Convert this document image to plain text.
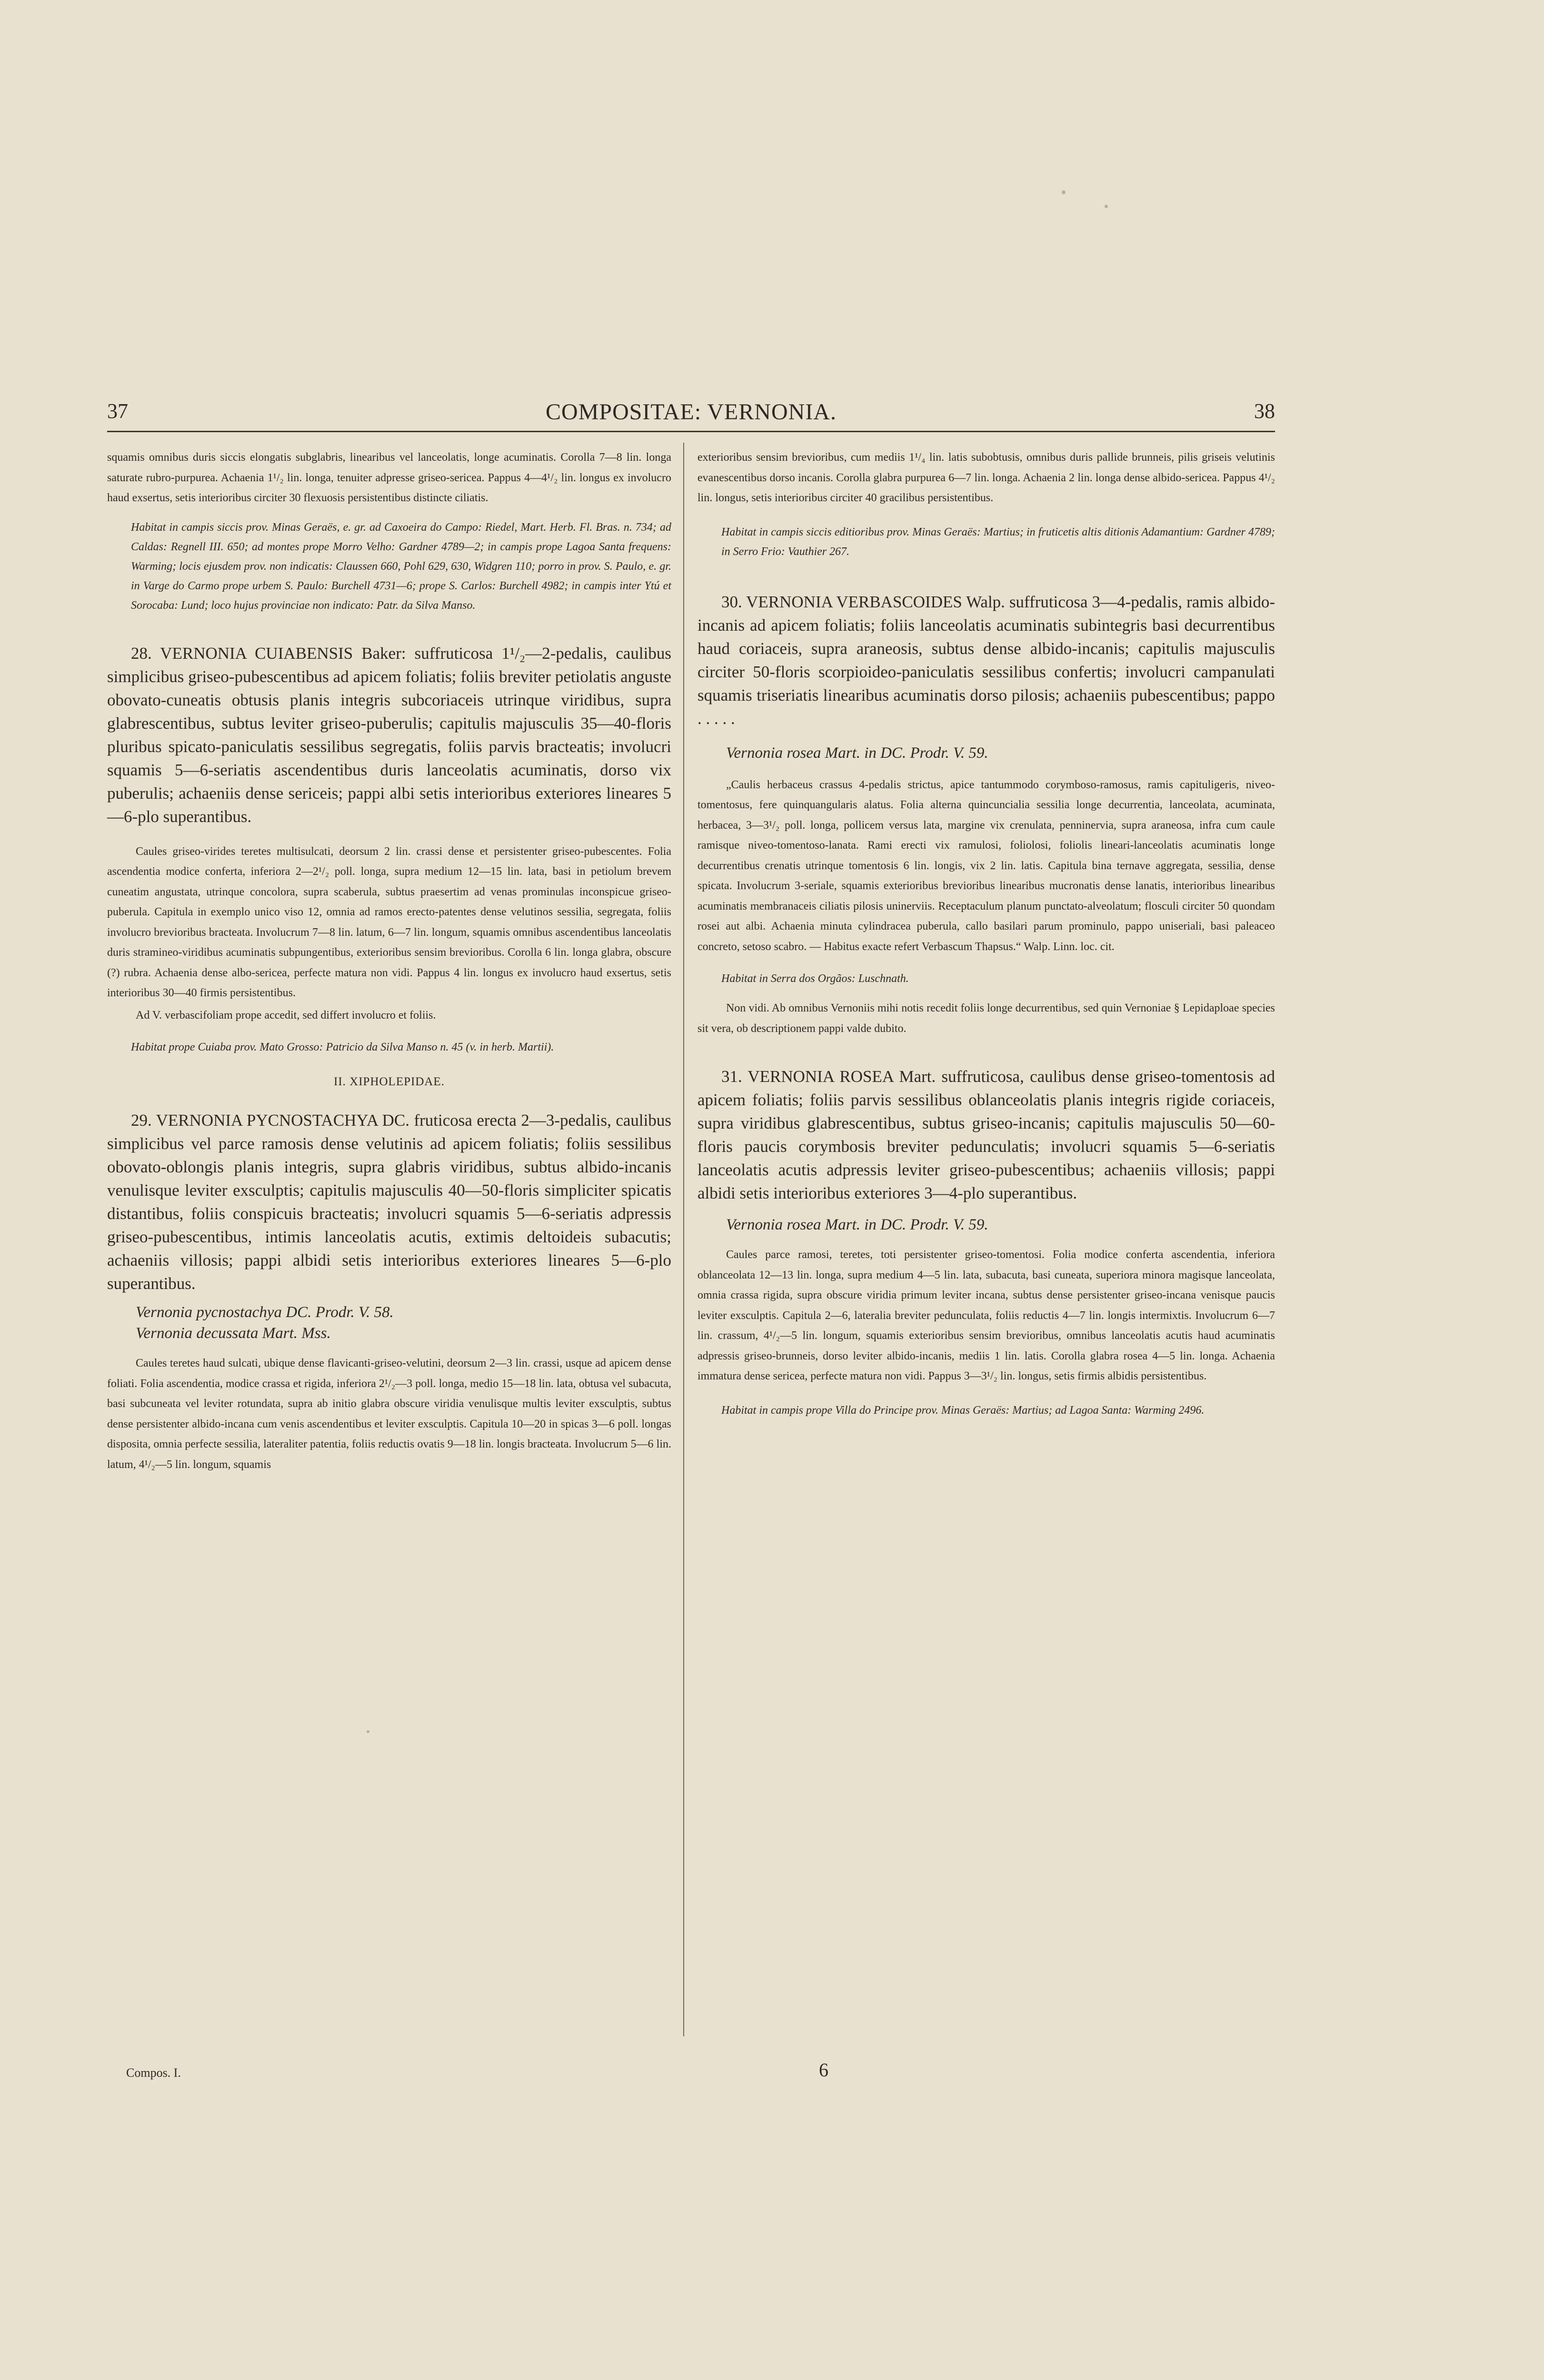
37	COMPOSITAE: VERNONIA.	38

squamis omnibus duris siccis elongatis subglabris, linearibus vel lanceolatis, longe acuminatis. Corolla 7—8 lin. longa saturate rubro-purpurea. Achaenia 1¹/₂ lin. longa, tenuiter adpresse griseo-sericea. Pappus 4—4¹/₂ lin. longus ex involucro haud exsertus, setis interioribus circiter 30 flexuosis persistentibus distincte ciliatis.

Habitat in campis siccis prov. Minas Geraës, e. gr. ad Caxoeira do Campo: Riedel, Mart. Herb. Fl. Bras. n. 734; ad Caldas: Regnell III. 650; ad montes prope Morro Velho: Gardner 4789—2; in campis prope Lagoa Santa frequens: Warming; locis ejusdem prov. non indicatis: Claussen 660, Pohl 629, 630, Widgren 110; porro in prov. S. Paulo, e. gr. in Varge do Carmo prope urbem S. Paulo: Burchell 4731—6; prope S. Carlos: Burchell 4982; in campis inter Ytú et Sorocaba: Lund; loco hujus provinciae non indicato: Patr. da Silva Manso.

28. VERNONIA CUIABENSIS Baker: suffruticosa 1¹/₂—2-pedalis, caulibus simplicibus griseo-pubescentibus ad apicem foliatis; foliis breviter petiolatis anguste obovato-cuneatis obtusis planis integris subcoriaceis utrinque viridibus, supra glabrescentibus, subtus leviter griseo-puberulis; capitulis majusculis 35—40-floris pluribus spicato-paniculatis sessilibus segregatis, foliis parvis bracteatis; involucri squamis 5—6-seriatis ascendentibus duris lanceolatis acuminatis, dorso vix puberulis; achaeniis dense sericeis; pappi albi setis interioribus exteriores lineares 5—6-plo superantibus.

Caules griseo-virides teretes multisulcati, deorsum 2 lin. crassi dense et persistenter griseo-pubescentes. Folia ascendentia modice conferta, inferiora 2—2¹/₂ poll. longa, supra medium 12—15 lin. lata, basi in petiolum brevem cuneatim angustata, utrinque concolora, supra scaberula, subtus praesertim ad venas prominulas inconspicue griseo-puberula. Capitula in exemplo unico viso 12, omnia ad ramos erecto-patentes dense velutinos sessilia, segregata, foliis involucro brevioribus bracteata. Involucrum 7—8 lin. latum, 6—7 lin. longum, squamis omnibus ascendentibus lanceolatis duris stramineo-viridibus acuminatis subpungentibus, exterioribus sensim brevioribus. Corolla 6 lin. longa glabra, obscure (?) rubra. Achaenia dense albo-sericea, perfecte matura non vidi. Pappus 4 lin. longus ex involucro haud exsertus, setis interioribus 30—40 firmis persistentibus.

Ad V. verbascifoliam prope accedit, sed differt involucro et foliis.

Habitat prope Cuiaba prov. Mato Grosso: Patricio da Silva Manso n. 45 (v. in herb. Martii).

II. XIPHOLEPIDAE.

29. VERNONIA PYCNOSTACHYA DC. fruticosa erecta 2—3-pedalis, caulibus simplicibus vel parce ramosis dense velutinis ad apicem foliatis; foliis sessilibus obovato-oblongis planis integris, supra glabris viridibus, subtus albido-incanis venulisque leviter exsculptis; capitulis majusculis 40—50-floris simpliciter spicatis distantibus, foliis conspicuis bracteatis; involucri squamis 5—6-seriatis adpressis griseo-pubescentibus, intimis lanceolatis acutis, extimis deltoideis subacutis; achaeniis villosis; pappi albidi setis interioribus exteriores lineares 5—6-plo superantibus.

Vernonia pycnostachya DC. Prodr. V. 58.

Vernonia decussata Mart. Mss.

Caules teretes haud sulcati, ubique dense flavicanti-griseo-velutini, deorsum 2—3 lin. crassi, usque ad apicem dense foliati. Folia ascendentia, modice crassa et rigida, inferiora 2¹/₂—3 poll. longa, medio 15—18 lin. lata, obtusa vel subacuta, basi subcuneata vel leviter rotundata, supra ab initio glabra obscure viridia venulisque multis leviter exsculptis, subtus dense persistenter albido-incana cum venis ascendentibus et leviter exsculptis. Capitula 10—20 in spicas 3—6 poll. longas disposita, omnia perfecte sessilia, lateraliter patentia, foliis reductis ovatis 9—18 lin. longis bracteata. Involucrum 5—6 lin. latum, 4¹/₂—5 lin. longum, squamis

exterioribus sensim brevioribus, cum mediis 1¹/₄ lin. latis subobtusis, omnibus duris pallide brunneis, pilis griseis velutinis evanescentibus dorso incanis. Corolla glabra purpurea 6—7 lin. longa. Achaenia 2 lin. longa dense albido-sericea. Pappus 4¹/₂ lin. longus, setis interioribus circiter 40 gracilibus persistentibus.

Habitat in campis siccis editioribus prov. Minas Geraës: Martius; in fruticetis altis ditionis Adamantium: Gardner 4789; in Serro Frio: Vauthier 267.

30. VERNONIA VERBASCOIDES Walp. suffruticosa 3—4-pedalis, ramis albido-incanis ad apicem foliatis; foliis lanceolatis acuminatis subintegris basi decurrentibus haud coriaceis, supra araneosis, subtus dense albido-incanis; capitulis majusculis circiter 50-floris scorpioideo-paniculatis sessilibus confertis; involucri campanulati squamis triseriatis linearibus acuminatis dorso pilosis; achaeniis pubescentibus; pappo . . . . .

Vernonia rosea Mart. in DC. Prodr. V. 59.

„Caulis herbaceus crassus 4-pedalis strictus, apice tantummodo corymboso-ramosus, ramis capituligeris, niveo-tomentosus, fere quinquangularis alatus. Folia alterna quincuncialia sessilia longe decurrentia, lanceolata, acuminata, herbacea, 3—3¹/₂ poll. longa, pollicem versus lata, margine vix crenulata, penninervia, supra araneosa, infra cum caule ramisque niveo-tomentoso-lanata. Rami erecti vix ramulosi, foliolosi, foliolis lineari-lanceolatis acuminatis longe decurrentibus crenatis utrinque tomentosis 6 lin. longis, vix 2 lin. latis. Capitula bina ternave aggregata, sessilia, dense spicata. Involucrum 3-seriale, squamis exterioribus brevioribus linearibus mucronatis dense lanatis, interioribus linearibus acuminatis membranaceis ciliatis pilosis uninerviis. Receptaculum planum punctato-alveolatum; flosculi circiter 50 quondam rosei aut albi. Achaenia minuta cylindracea puberula, callo basilari parum prominulo, pappo uniseriali, basi paleaceo concreto, setoso scabro. — Habitus exacte refert Verbascum Thapsus.“ Walp. Linn. loc. cit.

Habitat in Serra dos Orgãos: Luschnath.

Non vidi. Ab omnibus Vernoniis mihi notis recedit foliis longe decurrentibus, sed quin Vernoniae § Lepidaploae species sit vera, ob descriptionem pappi valde dubito.

31. VERNONIA ROSEA Mart. suffruticosa, caulibus dense griseo-tomentosis ad apicem foliatis; foliis parvis sessilibus oblanceolatis planis integris rigide coriaceis, supra viridibus glabrescentibus, subtus griseo-incanis; capitulis majusculis 50—60-floris paucis corymbosis breviter pedunculatis; involucri squamis 5—6-seriatis lanceolatis acutis adpressis leviter griseo-pubescentibus; achaeniis villosis; pappi albidi setis interioribus exteriores 3—4-plo superantibus.

Vernonia rosea Mart. in DC. Prodr. V. 59.

Caules parce ramosi, teretes, toti persistenter griseo-tomentosi. Folia modice conferta ascendentia, inferiora oblanceolata 12—13 lin. longa, supra medium 4—5 lin. lata, subacuta, basi cuneata, superiora minora magisque lanceolata, omnia crassa rigida, supra obscure viridia primum leviter incana, subtus dense persistenter griseo-incana venisque paucis leviter exsculptis. Capitula 2—6, lateralia breviter pedunculata, foliis reductis 4—7 lin. longis intermixtis. Involucrum 6—7 lin. crassum, 4¹/₂—5 lin. longum, squamis exterioribus sensim brevioribus, omnibus lanceolatis acutis haud acuminatis adpressis griseo-brunneis, dorso leviter albido-incanis, mediis 1 lin. latis. Corolla glabra rosea 4—5 lin. longa. Achaenia immatura dense sericea, perfecte matura non vidi. Pappus 3—3¹/₂ lin. longus, setis firmis albidis persistentibus.

Habitat in campis prope Villa do Principe prov. Minas Geraës: Martius; ad Lagoa Santa: Warming 2496.

Compos. I.	6
